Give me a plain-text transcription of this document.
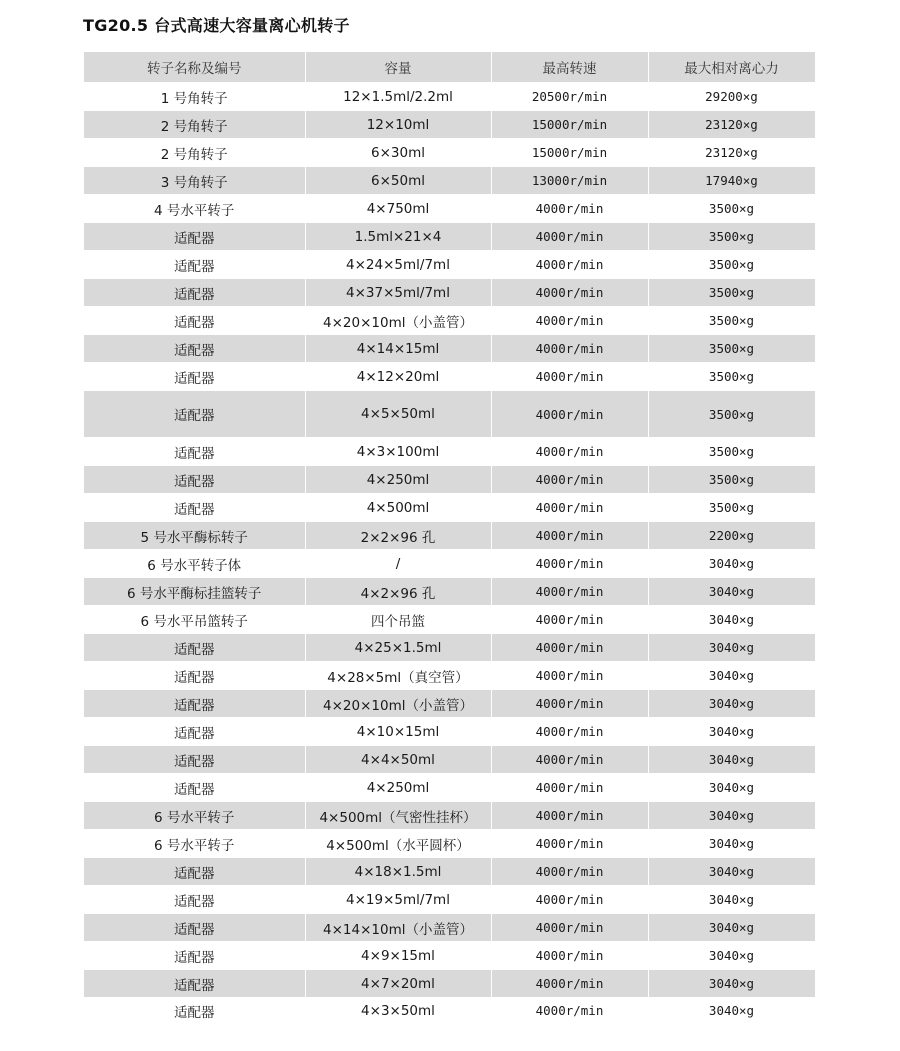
TG20.5 台式高速大容量离心机转子
转子名称及编号	容量	最高转速	最大相对离心力
1 号角转子	12×1.5ml/2.2ml	20500r/min	29200×g
2 号角转子	12×10ml	15000r/min	23120×g
2 号角转子	6×30ml	15000r/min	23120×g
3 号角转子	6×50ml	13000r/min	17940×g
4 号水平转子	4×750ml	4000r/min	3500×g
适配器	1.5ml×21×4	4000r/min	3500×g
适配器	4×24×5ml/7ml	4000r/min	3500×g
适配器	4×37×5ml/7ml	4000r/min	3500×g
适配器	4×20×10ml（小盖管）	4000r/min	3500×g
适配器	4×14×15ml	4000r/min	3500×g
适配器	4×12×20ml	4000r/min	3500×g
适配器	4×5×50ml	4000r/min	3500×g
适配器	4×3×100ml	4000r/min	3500×g
适配器	4×250ml	4000r/min	3500×g
适配器	4×500ml	4000r/min	3500×g
5 号水平酶标转子	2×2×96 孔	4000r/min	2200×g
6 号水平转子体	/	4000r/min	3040×g
6 号水平酶标挂篮转子	4×2×96 孔	4000r/min	3040×g
6 号水平吊篮转子	四个吊篮	4000r/min	3040×g
适配器	4×25×1.5ml	4000r/min	3040×g
适配器	4×28×5ml（真空管）	4000r/min	3040×g
适配器	4×20×10ml（小盖管）	4000r/min	3040×g
适配器	4×10×15ml	4000r/min	3040×g
适配器	4×4×50ml	4000r/min	3040×g
适配器	4×250ml	4000r/min	3040×g
6 号水平转子	4×500ml（气密性挂杯）	4000r/min	3040×g
6 号水平转子	4×500ml（水平圆杯）	4000r/min	3040×g
适配器	4×18×1.5ml	4000r/min	3040×g
适配器	4×19×5ml/7ml	4000r/min	3040×g
适配器	4×14×10ml（小盖管）	4000r/min	3040×g
适配器	4×9×15ml	4000r/min	3040×g
适配器	4×7×20ml	4000r/min	3040×g
适配器	4×3×50ml	4000r/min	3040×g
